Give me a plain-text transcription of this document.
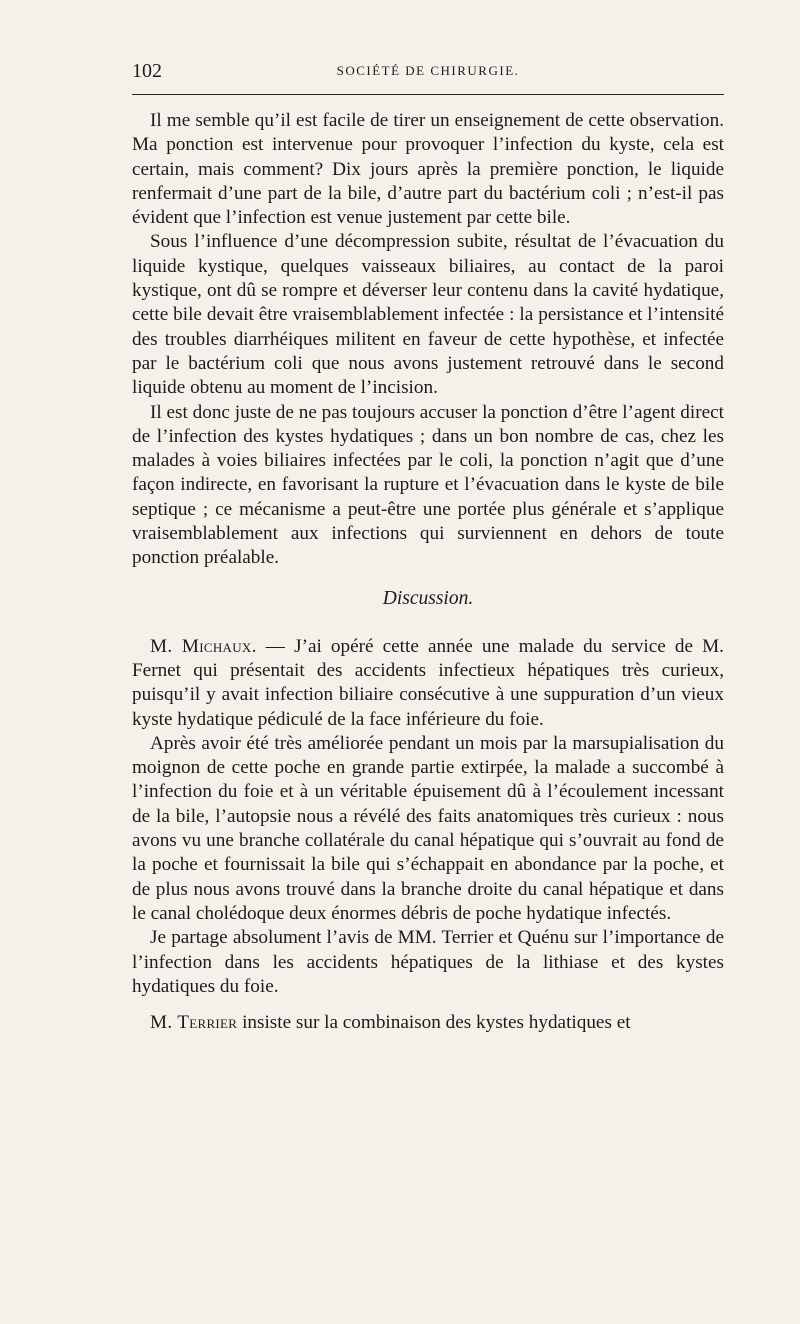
102	SOCIÉTÉ DE CHIRURGIE.

Il me semble qu’il est facile de tirer un enseignement de cette observation. Ma ponction est intervenue pour provoquer l’infection du kyste, cela est certain, mais comment? Dix jours après la première ponction, le liquide renfermait d’une part de la bile, d’autre part du bactérium coli ; n’est-il pas évident que l’infection est venue justement par cette bile.

Sous l’influence d’une décompression subite, résultat de l’évacuation du liquide kystique, quelques vaisseaux biliaires, au contact de la paroi kystique, ont dû se rompre et déverser leur contenu dans la cavité hydatique, cette bile devait être vraisemblablement infectée : la persistance et l’intensité des troubles diarrhéiques militent en faveur de cette hypothèse, et infectée par le bactérium coli que nous avons justement retrouvé dans le second liquide obtenu au moment de l’incision.

Il est donc juste de ne pas toujours accuser la ponction d’être l’agent direct de l’infection des kystes hydatiques ; dans un bon nombre de cas, chez les malades à voies biliaires infectées par le coli, la ponction n’agit que d’une façon indirecte, en favorisant la rupture et l’évacuation dans le kyste de bile septique ; ce mécanisme a peut-être une portée plus générale et s’applique vraisemblablement aux infections qui surviennent en dehors de toute ponction préalable.

Discussion.

M. Michaux. — J’ai opéré cette année une malade du service de M. Fernet qui présentait des accidents infectieux hépatiques très curieux, puisqu’il y avait infection biliaire consécutive à une suppuration d’un vieux kyste hydatique pédiculé de la face inférieure du foie.

Après avoir été très améliorée pendant un mois par la marsupialisation du moignon de cette poche en grande partie extirpée, la malade a succombé à l’infection du foie et à un véritable épuisement dû à l’écoulement incessant de la bile, l’autopsie nous a révélé des faits anatomiques très curieux : nous avons vu une branche collatérale du canal hépatique qui s’ouvrait au fond de la poche et fournissait la bile qui s’échappait en abondance par la poche, et de plus nous avons trouvé dans la branche droite du canal hépatique et dans le canal cholédoque deux énormes débris de poche hydatique infectés.

Je partage absolument l’avis de MM. Terrier et Quénu sur l’importance de l’infection dans les accidents hépatiques de la lithiase et des kystes hydatiques du foie.

M. Terrier insiste sur la combinaison des kystes hydatiques et
